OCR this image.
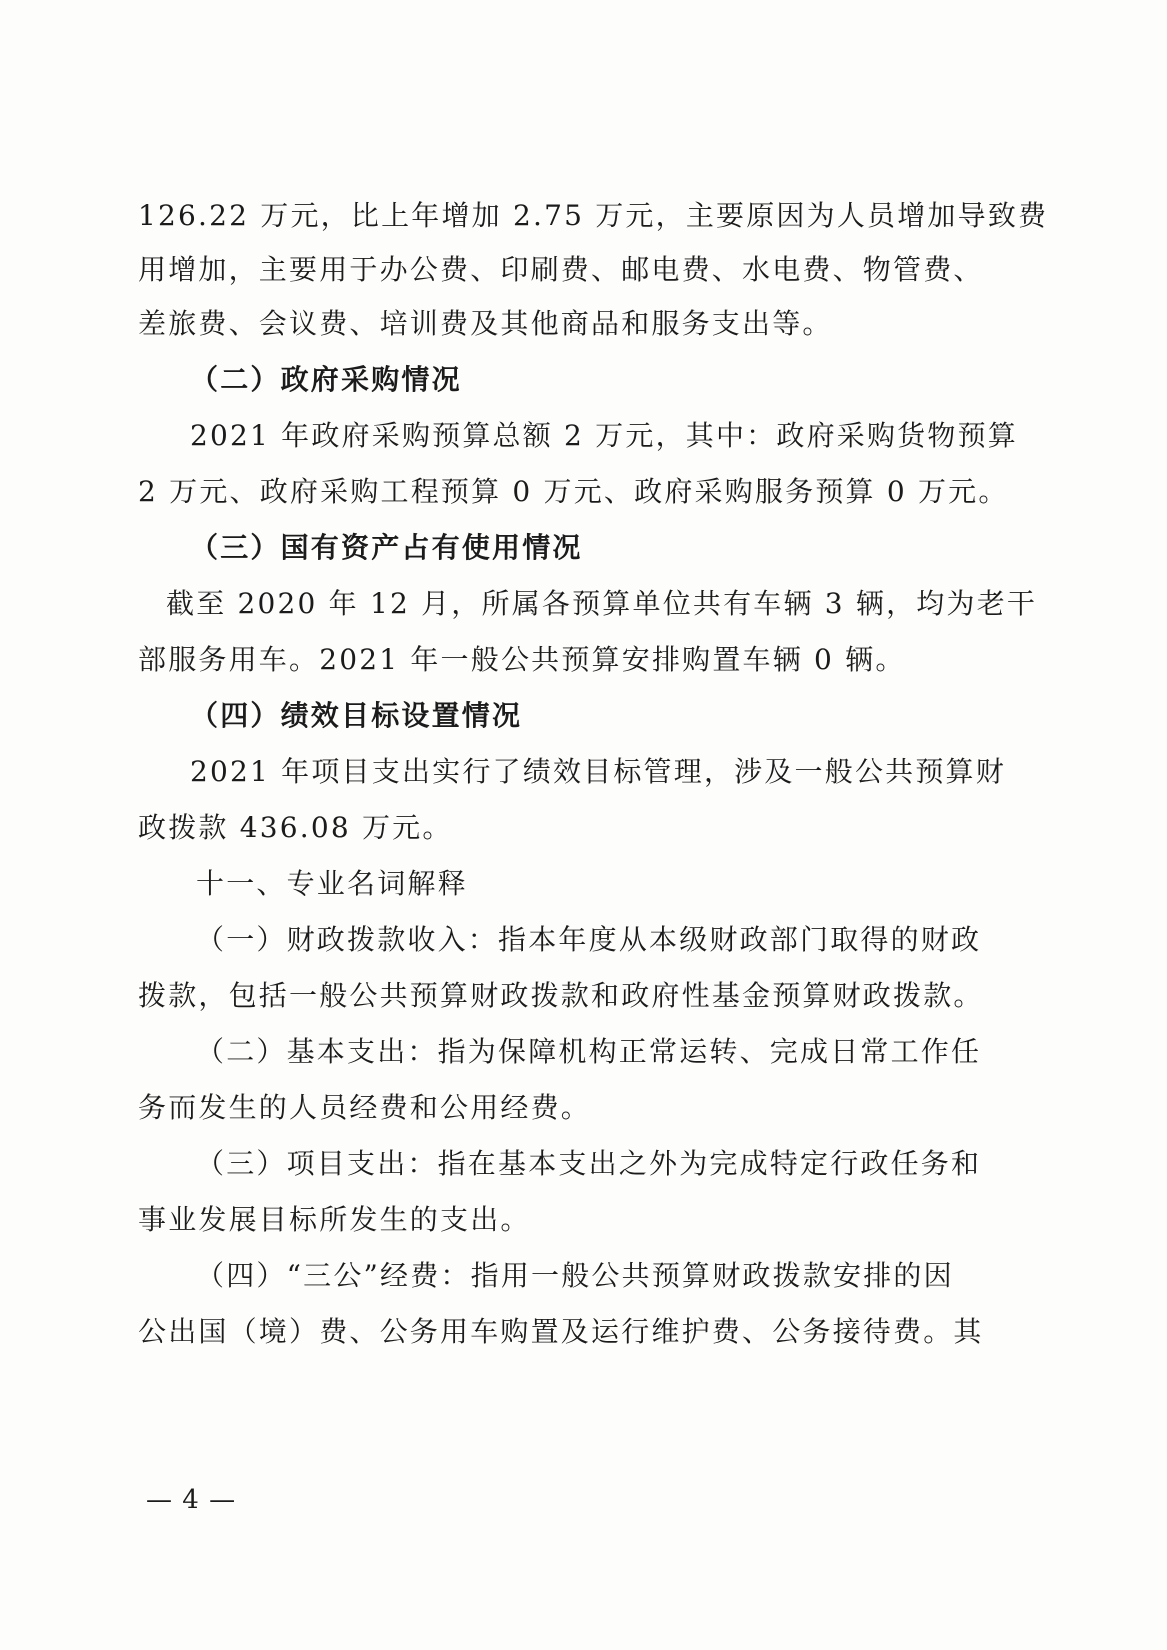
126.22 万元，比上年增加 2.75 万元，主要原因为人员增加导致费
用增加，主要用于办公费、印刷费、邮电费、水电费、物管费、
差旅费、会议费、培训费及其他商品和服务支出等。
（二）政府采购情况
2021 年政府采购预算总额 2 万元，其中：政府采购货物预算
2 万元、政府采购工程预算 0 万元、政府采购服务预算 0 万元。
（三）国有资产占有使用情况
截至 2020 年 12 月，所属各预算单位共有车辆 3 辆，均为老干
部服务用车。2021 年一般公共预算安排购置车辆 0 辆。
（四）绩效目标设置情况
2021 年项目支出实行了绩效目标管理，涉及一般公共预算财
政拨款 436.08 万元。
十一、专业名词解释
（一）财政拨款收入：指本年度从本级财政部门取得的财政
拨款，包括一般公共预算财政拨款和政府性基金预算财政拨款。
（二）基本支出：指为保障机构正常运转、完成日常工作任
务而发生的人员经费和公用经费。
（三）项目支出：指在基本支出之外为完成特定行政任务和
事业发展目标所发生的支出。
（四）“三公”经费：指用一般公共预算财政拨款安排的因
公出国（境）费、公务用车购置及运行维护费、公务接待费。其
— 4 —
